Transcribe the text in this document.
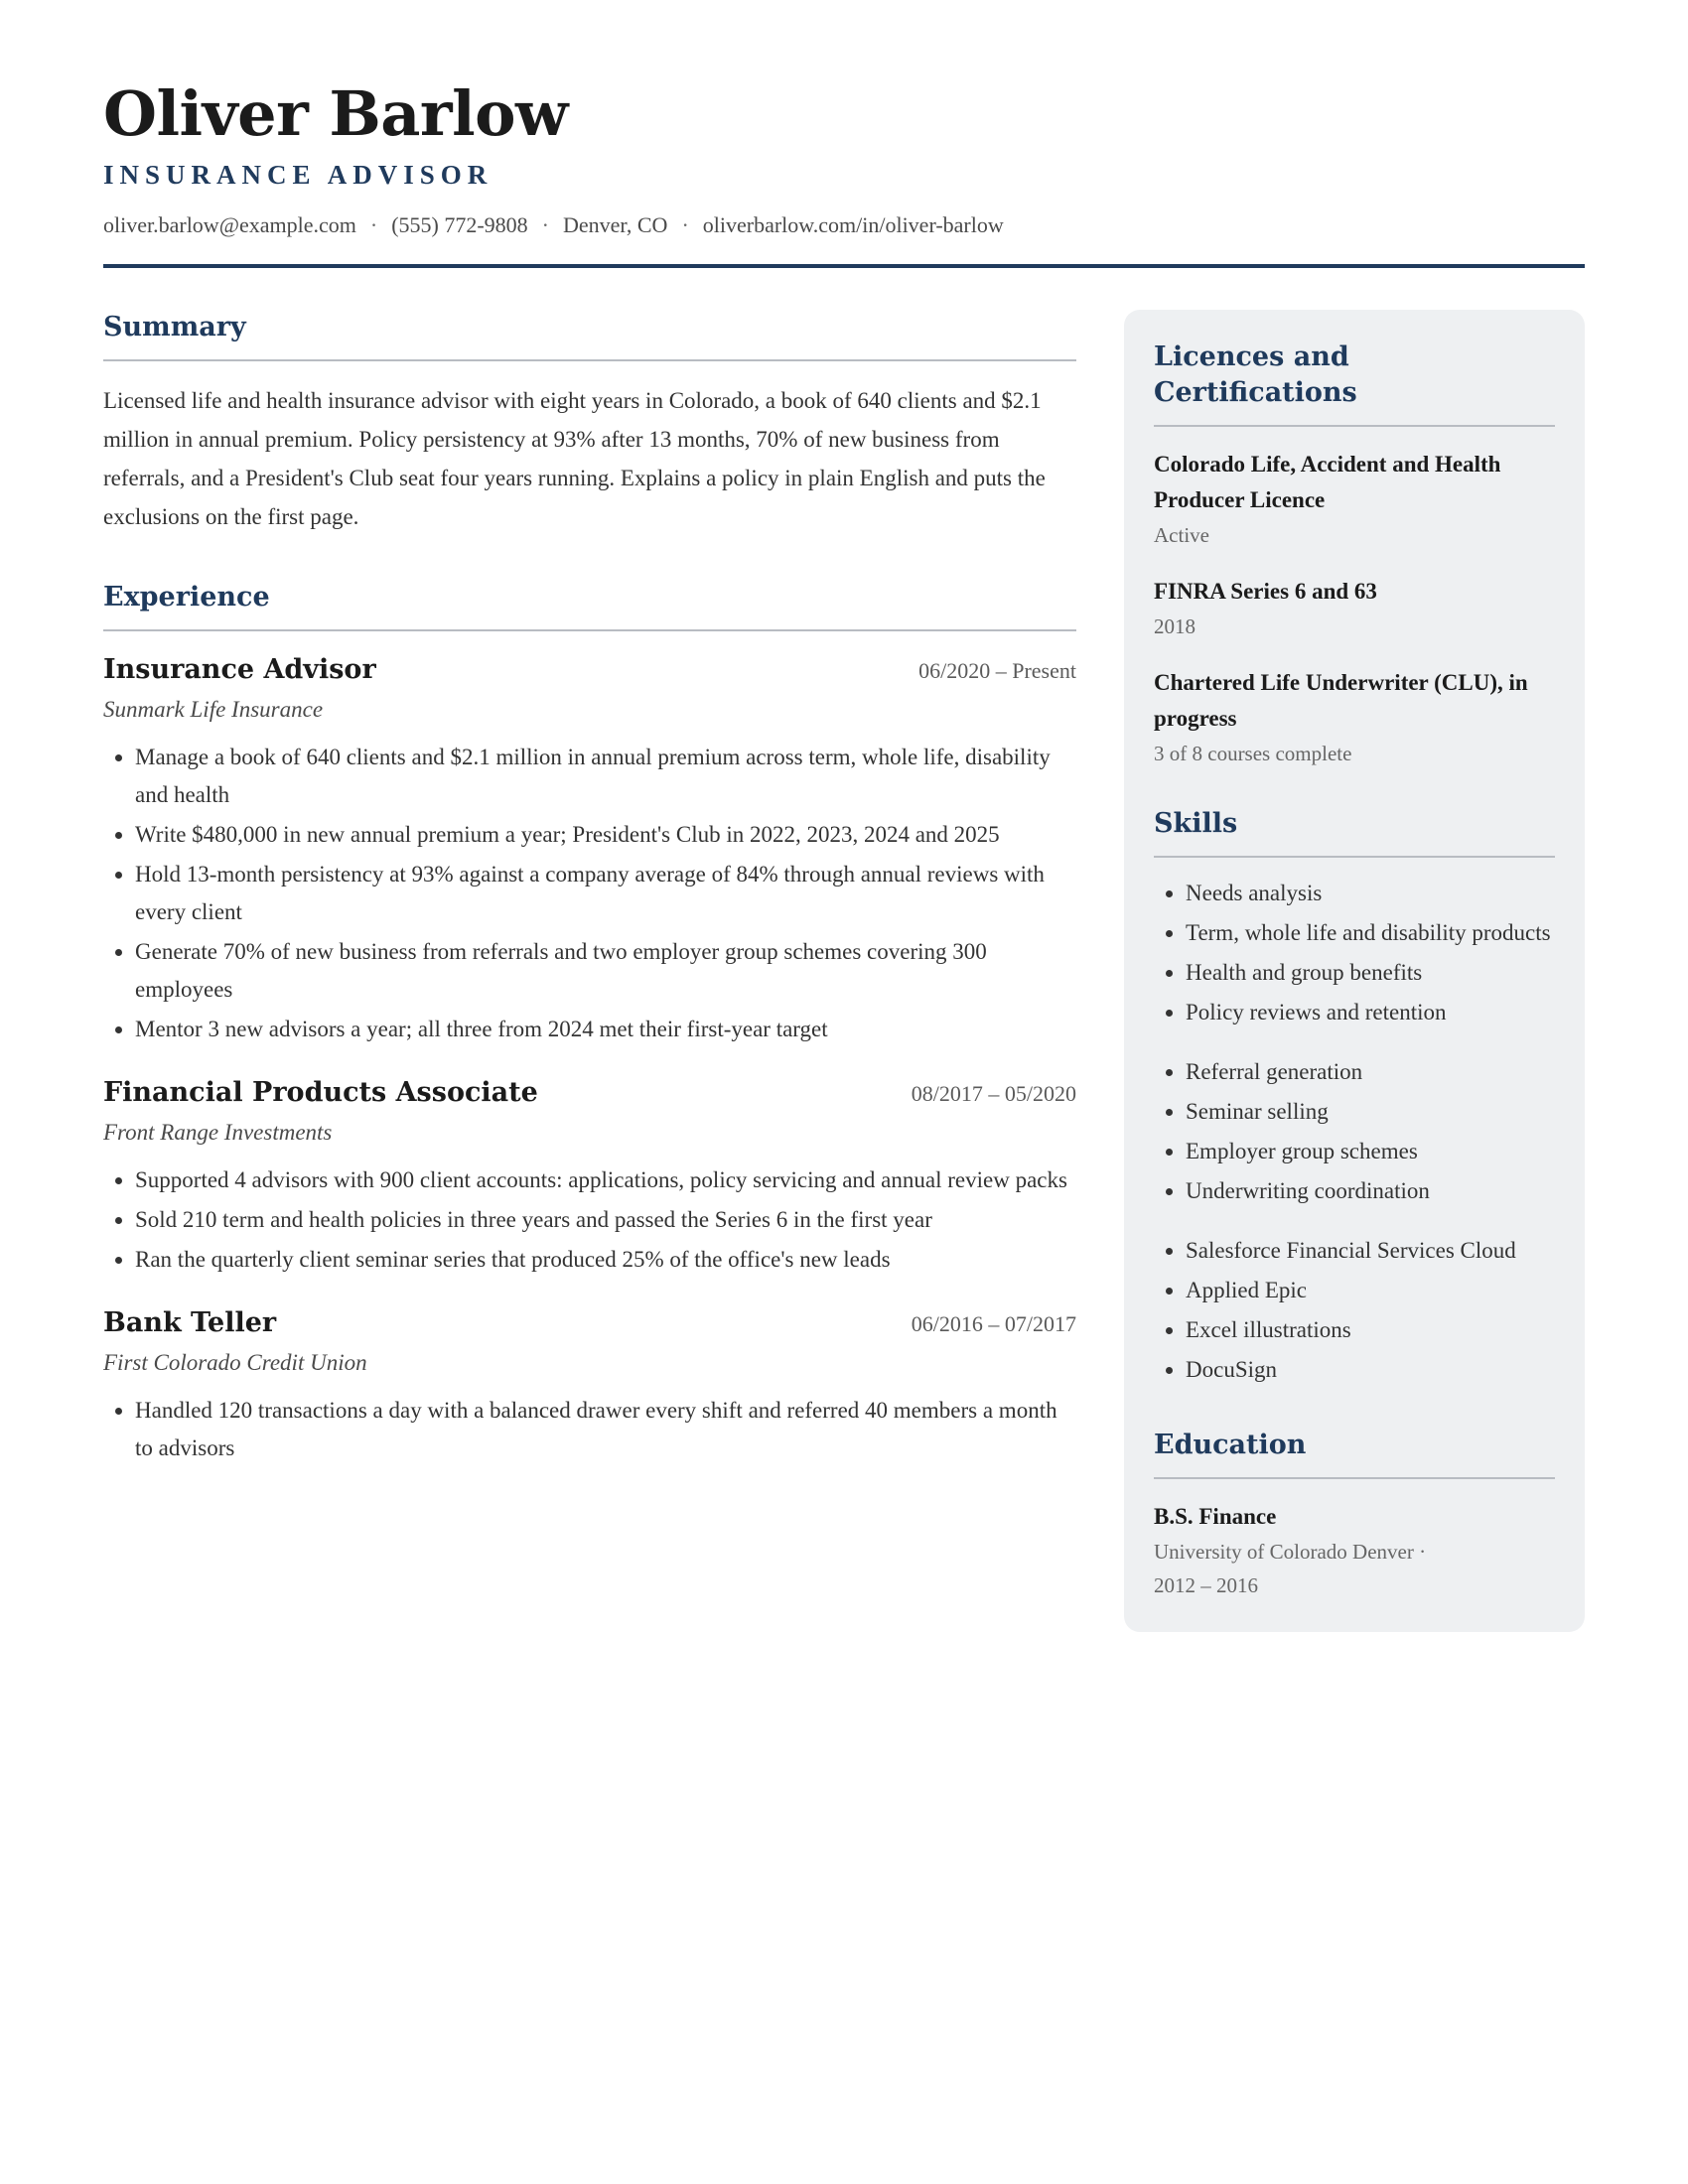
Oliver Barlow
INSURANCE ADVISOR
oliver.barlow@example.com · (555) 772-9808 · Denver, CO · oliverbarlow.com/in/oliver-barlow
Summary
Licensed life and health insurance advisor with eight years in Colorado, a book of 640 clients and $2.1 million in annual premium. Policy persistency at 93% after 13 months, 70% of new business from referrals, and a President's Club seat four years running. Explains a policy in plain English and puts the exclusions on the first page.
Experience
Insurance Advisor	06/2020 – Present
Sunmark Life Insurance
• Manage a book of 640 clients and $2.1 million in annual premium across term, whole life, disability and health
• Write $480,000 in new annual premium a year; President's Club in 2022, 2023, 2024 and 2025
• Hold 13-month persistency at 93% against a company average of 84% through annual reviews with every client
• Generate 70% of new business from referrals and two employer group schemes covering 300 employees
• Mentor 3 new advisors a year; all three from 2024 met their first-year target
Financial Products Associate	08/2017 – 05/2020
Front Range Investments
• Supported 4 advisors with 900 client accounts: applications, policy servicing and annual review packs
• Sold 210 term and health policies in three years and passed the Series 6 in the first year
• Ran the quarterly client seminar series that produced 25% of the office's new leads
Bank Teller	06/2016 – 07/2017
First Colorado Credit Union
• Handled 120 transactions a day with a balanced drawer every shift and referred 40 members a month to advisors
Licences and Certifications
Colorado Life, Accident and Health Producer Licence
Active
FINRA Series 6 and 63
2018
Chartered Life Underwriter (CLU), in progress
3 of 8 courses complete
Skills
• Needs analysis
• Term, whole life and disability products
• Health and group benefits
• Policy reviews and retention
• Referral generation
• Seminar selling
• Employer group schemes
• Underwriting coordination
• Salesforce Financial Services Cloud
• Applied Epic
• Excel illustrations
• DocuSign
Education
B.S. Finance
University of Colorado Denver ·
2012 – 2016
